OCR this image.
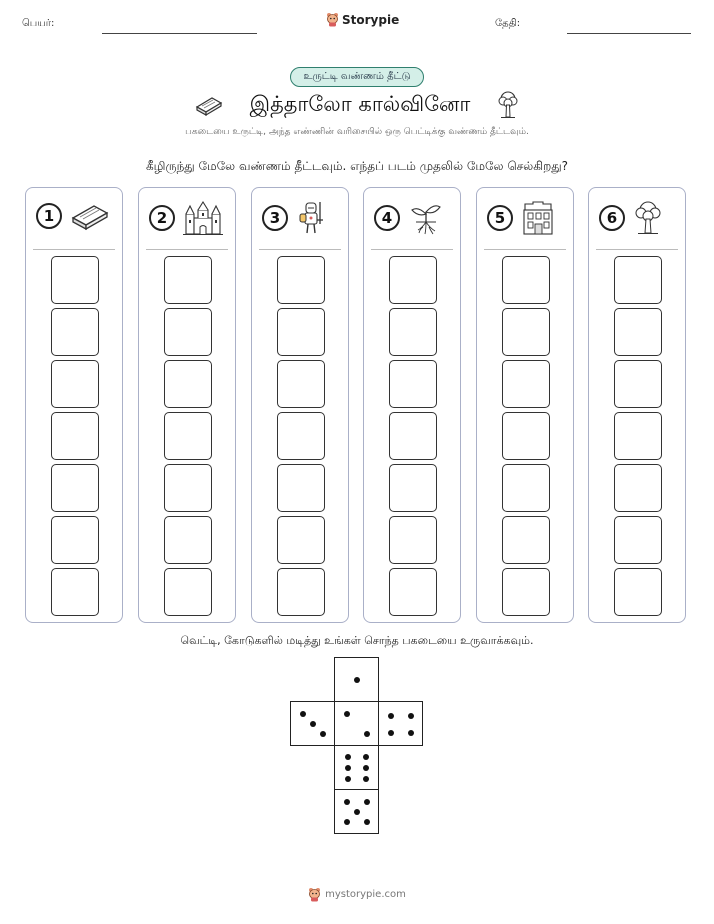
பெயர்:	Storypie	தேதி:
உருட்டி வண்ணம் தீட்டு
இத்தாலோ கால்வினோ
பகடையை உருட்டி, அந்த எண்ணின் வரிசையில் ஒரு பெட்டிக்கு வண்ணம் தீட்டவும்.
கீழிருந்து மேலே வண்ணம் தீட்டவும். எந்தப் படம் முதலில் மேலே செல்கிறது?
1	2	3	4	5	6
வெட்டி, கோடுகளில் மடித்து உங்கள் சொந்த பகடையை உருவாக்கவும்.
mystorypie.com
